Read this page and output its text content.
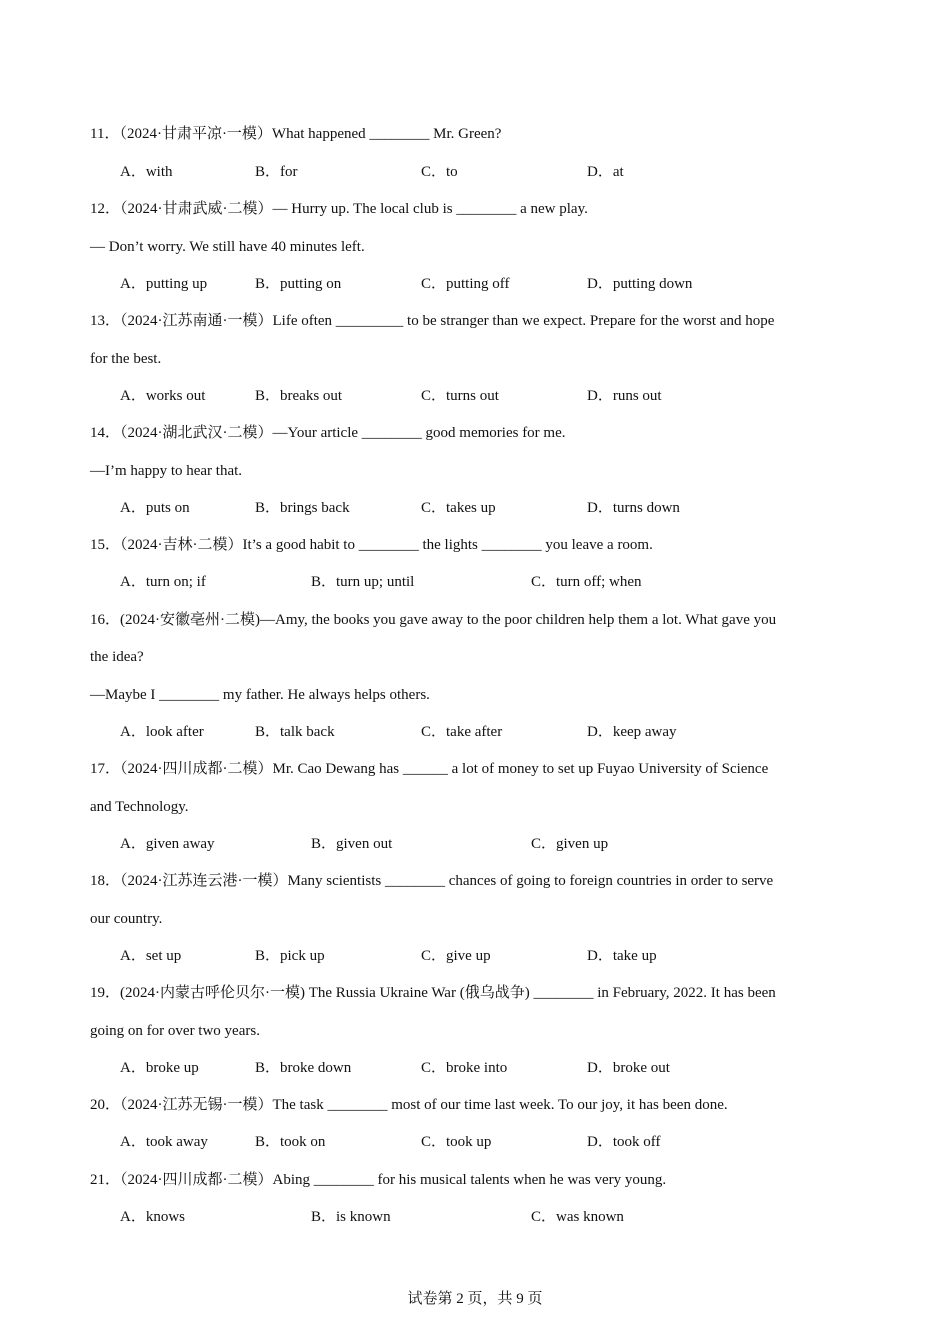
11．（2024·甘肃平凉·一模）What happened ________ Mr. Green?
A．with	B．for	C．to	D．at
12．（2024·甘肃武威·二模）— Hurry up. The local club is ________ a new play.
— Don’t worry. We still have 40 minutes left.
A．putting up	B．putting on	C．putting off	D．putting down
13．（2024·江苏南通·一模）Life often _________ to be stranger than we expect. Prepare for the worst and hope
for the best.
A．works out	B．breaks out	C．turns out	D．runs out
14．（2024·湖北武汉·二模）—Your article ________ good memories for me.
—I’m happy to hear that.
A．puts on	B．brings back	C．takes up	D．turns down
15．（2024·吉林·二模）It’s a good habit to ________ the lights ________ you leave a room.
A．turn on; if	B．turn up; until	C．turn off; when
16．(2024·安徽亳州·二模)—Amy, the books you gave away to the poor children help them a lot. What gave you
the idea?
—Maybe I ________ my father. He always helps others.
A．look after	B．talk back	C．take after	D．keep away
17．（2024·四川成都·二模）Mr. Cao Dewang has ______ a lot of money to set up Fuyao University of Science
and Technology.
A．given away	B．given out	C．given up
18．（2024·江苏连云港·一模）Many scientists ________ chances of going to foreign countries in order to serve
our country.
A．set up	B．pick up	C．give up	D．take up
19．(2024·内蒙古呼伦贝尔·一模) The Russia Ukraine War (俄乌战争) ________ in February, 2022. It has been
going on for over two years.
A．broke up	B．broke down	C．broke into	D．broke out
20．（2024·江苏无锡·一模）The task ________ most of our time last week. To our joy, it has been done.
A．took away	B．took on	C．took up	D．took off
21．（2024·四川成都·二模）Abing ________ for his musical talents when he was very young.
A．knows	B．is known	C．was known
试卷第 2 页，共 9 页
